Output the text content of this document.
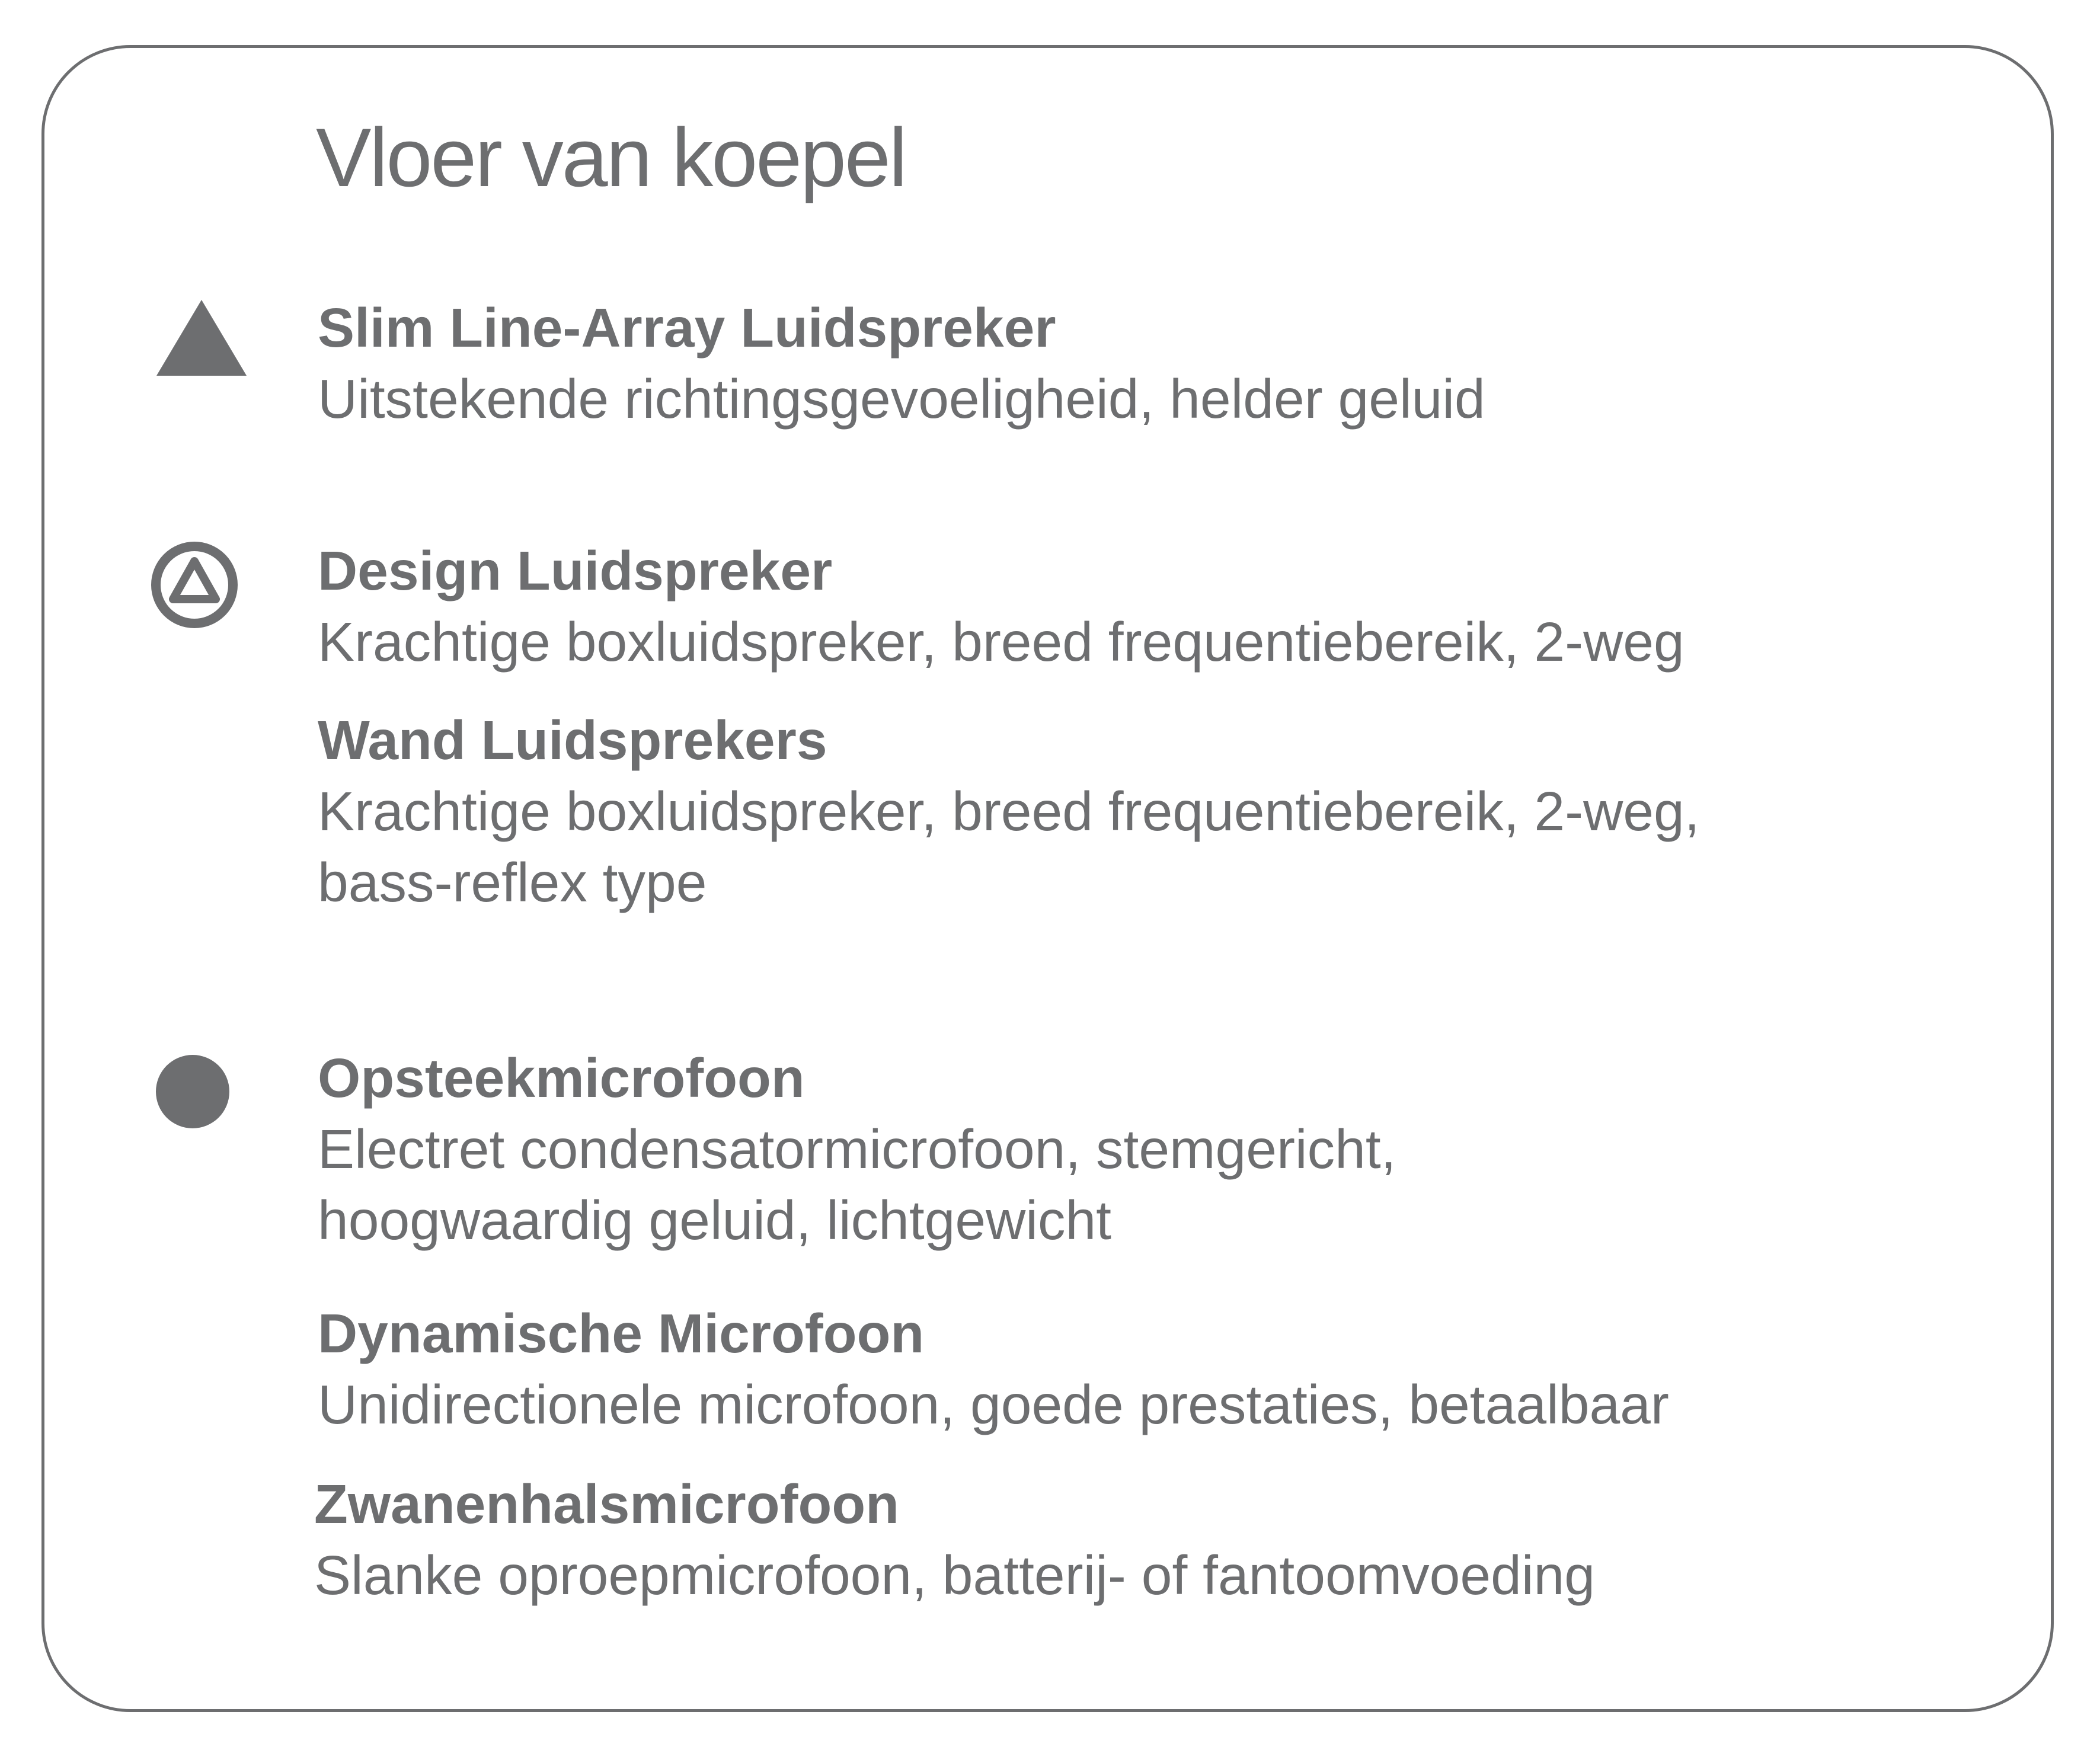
Vloer van koepel
Slim Line-Array Luidspreker
Uitstekende richtingsgevoeligheid, helder geluid
Design Luidspreker
Krachtige boxluidspreker, breed frequentiebereik, 2-weg
Wand Luidsprekers
Krachtige boxluidspreker, breed frequentiebereik, 2-weg,
bass-reflex type
Opsteekmicrofoon
Electret condensatormicrofoon, stemgericht,
hoogwaardig geluid, lichtgewicht
Dynamische Microfoon
Unidirectionele microfoon, goede prestaties, betaalbaar
Zwanenhalsmicrofoon
Slanke oproepmicrofoon, batterij- of fantoomvoeding
